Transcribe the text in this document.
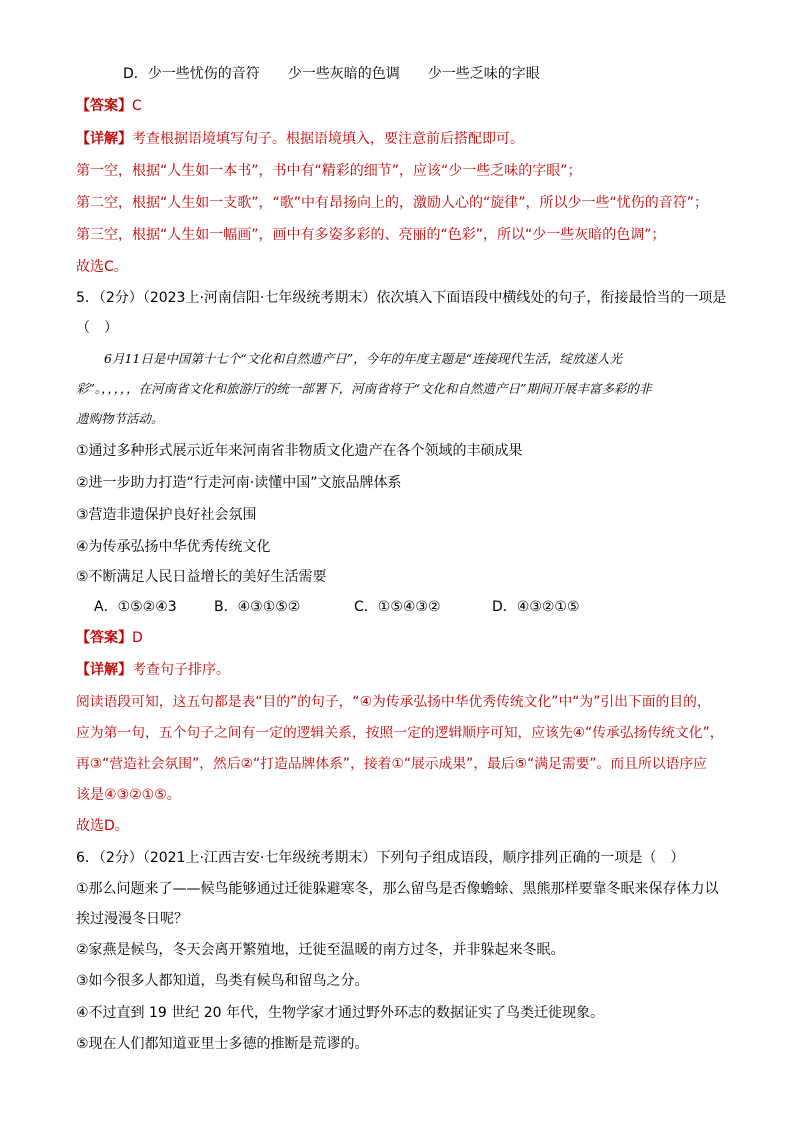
D．少一些忧伤的音符　　少一些灰暗的色调　　少一些乏味的字眼
【答案】C
【详解】考查根据语境填写句子。根据语境填入，要注意前后搭配即可。
第一空，根据“人生如一本书”，书中有“精彩的细节”，应该“少一些乏味的字眼”；
第二空，根据“人生如一支歌”，“歌”中有昂扬向上的，激励人心的“旋律”，所以少一些“忧伤的音符”；
第三空，根据“人生如一幅画”，画中有多姿多彩的、亮丽的“色彩”，所以“少一些灰暗的色调”；
故选C。
5．（2分）（2023上·河南信阳·七年级统考期末）依次填入下面语段中横线处的句子，衔接最恰当的一项是
（　）
6月11日是中国第十七个“文化和自然遗产日”，今年的年度主题是“连接现代生活，绽放迷人光
彩”。，，，，，在河南省文化和旅游厅的统一部署下，河南省将于“文化和自然遗产日”期间开展丰富多彩的非
遗购物节活动。
①通过多种形式展示近年来河南省非物质文化遗产在各个领域的丰硕成果
②进一步助力打造“行走河南·读懂中国”文旅品牌体系
③营造非遗保护良好社会氛围
④为传承弘扬中华优秀传统文化
⑤不断满足人民日益增长的美好生活需要
A．①⑤②④3	B．④③①⑤②	C．①⑤④③②	D．④③②①⑤
【答案】D
【详解】考查句子排序。
阅读语段可知，这五句都是表“目的”的句子，“④为传承弘扬中华优秀传统文化”中“为”引出下面的目的，
应为第一句，五个句子之间有一定的逻辑关系，按照一定的逻辑顺序可知，应该先④“传承弘扬传统文化”，
再③“营造社会氛围”，然后②“打造品牌体系”，接着①“展示成果”，最后⑤“满足需要”。而且所以语序应
该是④③②①⑤。
故选D。
6．（2分）（2021上·江西吉安·七年级统考期末）下列句子组成语段，顺序排列正确的一项是（　）
①那么问题来了——候鸟能够通过迁徙躲避寒冬，那么留鸟是否像蟾蜍、黑熊那样要靠冬眠来保存体力以
挨过漫漫冬日呢？
②家燕是候鸟，冬天会离开繁殖地，迁徙至温暖的南方过冬，并非躲起来冬眠。
③如今很多人都知道，鸟类有候鸟和留鸟之分。
④不过直到 19 世纪 20 年代，生物学家才通过野外环志的数据证实了鸟类迁徙现象。
⑤现在人们都知道亚里士多德的推断是荒谬的。
